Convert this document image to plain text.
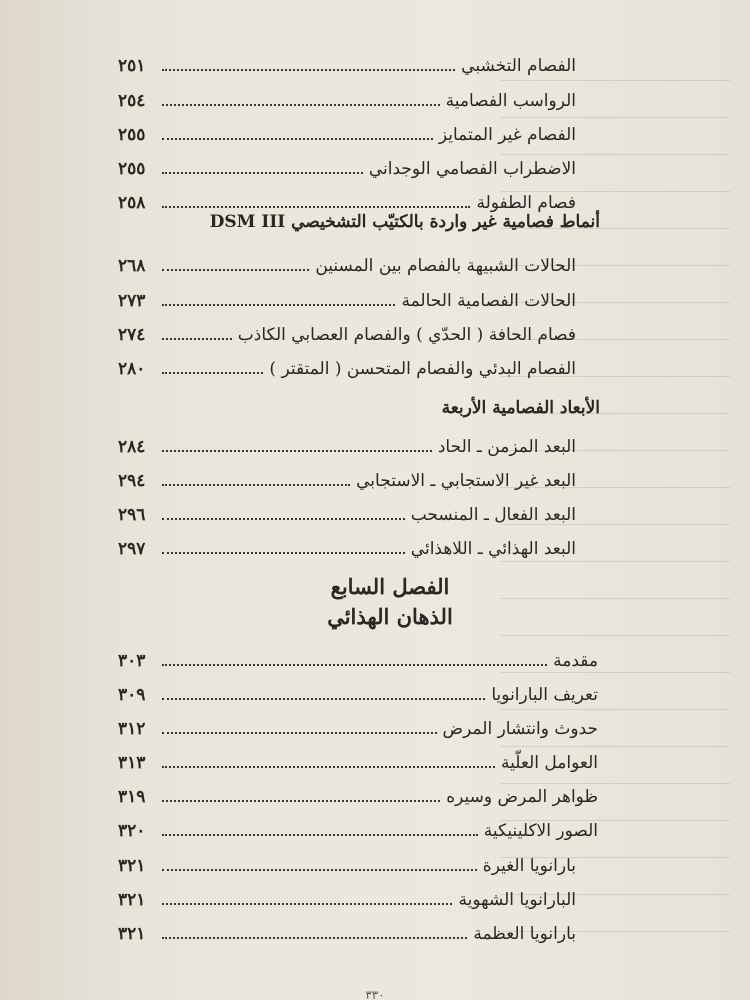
الفصام التخشبي
٢٥١
الرواسب الفصامية
٢٥٤
الفصام غير المتمايز
٢٥٥
الاضطراب الفصامي الوجداني
٢٥٥
فصام الطفولة
٢٥٨
أنماط فصامية غير واردة بالكتيّب التشخيصي DSM III
الحالات الشبيهة بالفصام بين المسنين
٢٦٨
الحالات الفصامية الحالمة
٢٧٣
فصام الحافة ( الحدّي ) والفصام العصابي الكاذب
٢٧٤
الفصام البدئي والفصام المتحسن ( المتقتر )
٢٨٠
الأبعاد الفصامية الأربعة
البعد المزمن ـ الحاد
٢٨٤
البعد غير الاستجابي ـ الاستجابي
٢٩٤
البعد الفعال ـ المنسحب
٢٩٦
البعد الهذائي ـ اللاهذائي
٢٩٧
الفصل السابع
الذهان الهذائي
مقدمة
٣٠٣
تعريف البارانويا
٣٠٩
حدوث وانتشار المرض
٣١٢
العوامل العلّية
٣١٣
ظواهر المرض وسيره
٣١٩
الصور الاكلينيكية
٣٢٠
بارانويا الغيرة
٣٢١
البارانويا الشهوية
٣٢١
بارانويا العظمة
٣٢١
٣٣٠
